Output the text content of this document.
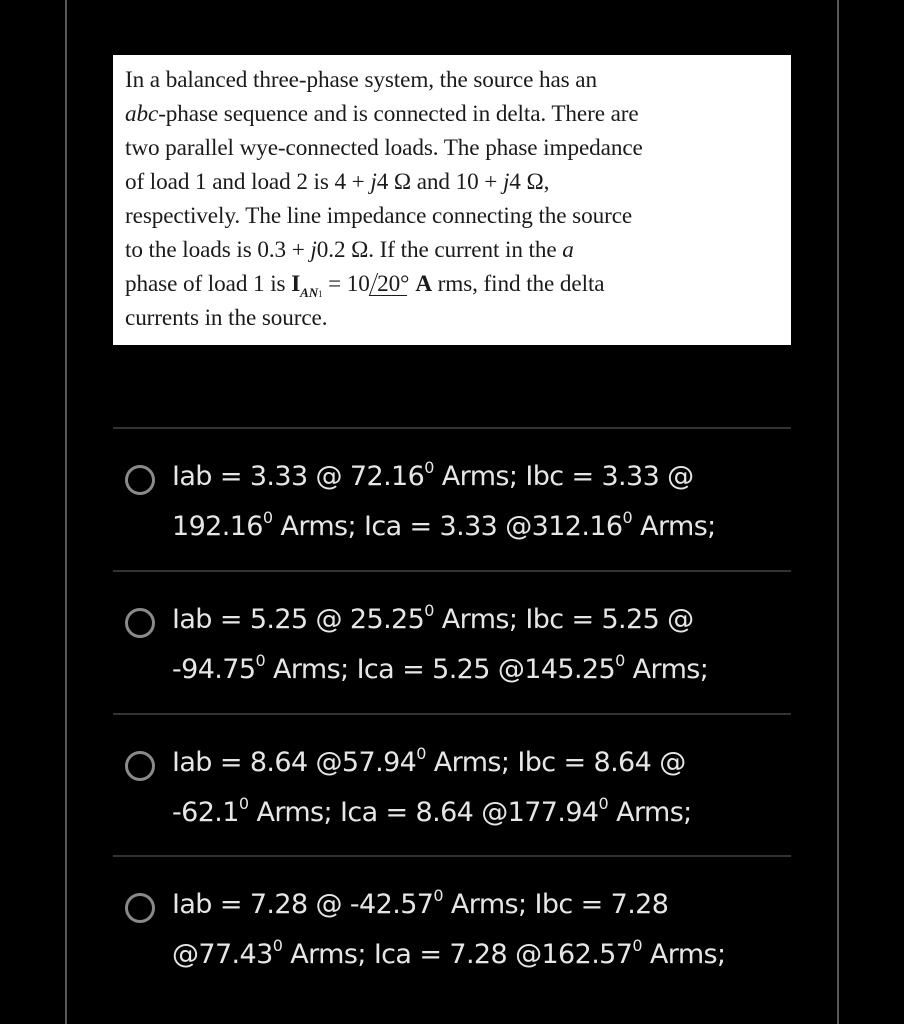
In a balanced three-phase system, the source has an

abc-phase sequence and is connected in delta. There are

two parallel wye-connected loads. The phase impedance

of load 1 and load 2 is 4 + j4 Ω and 10 + j4 Ω,

respectively. The line impedance connecting the source

to the loads is 0.3 + j0.2 Ω. If the current in the a

phase of load 1 is $I_{AN1} = 10$ 20° A rms, find the delta

currents in the source.

Iab = 3.33 @ 72.16$^0$ Arms; Ibc = 3.33 @
192.16$^0$ Arms; Ica = 3.33 @312.16$^0$ Arms;
Iab = 5.25 @ 25.25$^0$ Arms; Ibc = 5.25 @
-94.75$^0$ Arms; Ica = 5.25 @145.25$^0$ Arms;
Iab = 8.64 @57.94$^0$ Arms; Ibc = 8.64 @
-62.1$^0$ Arms; Ica = 8.64 @177.94$^0$ Arms;
Iab = 7.28 @ -42.57$^0$ Arms; Ibc = 7.28
@77.43$^0$ Arms; Ica = 7.28 @162.57$^0$ Arms;
